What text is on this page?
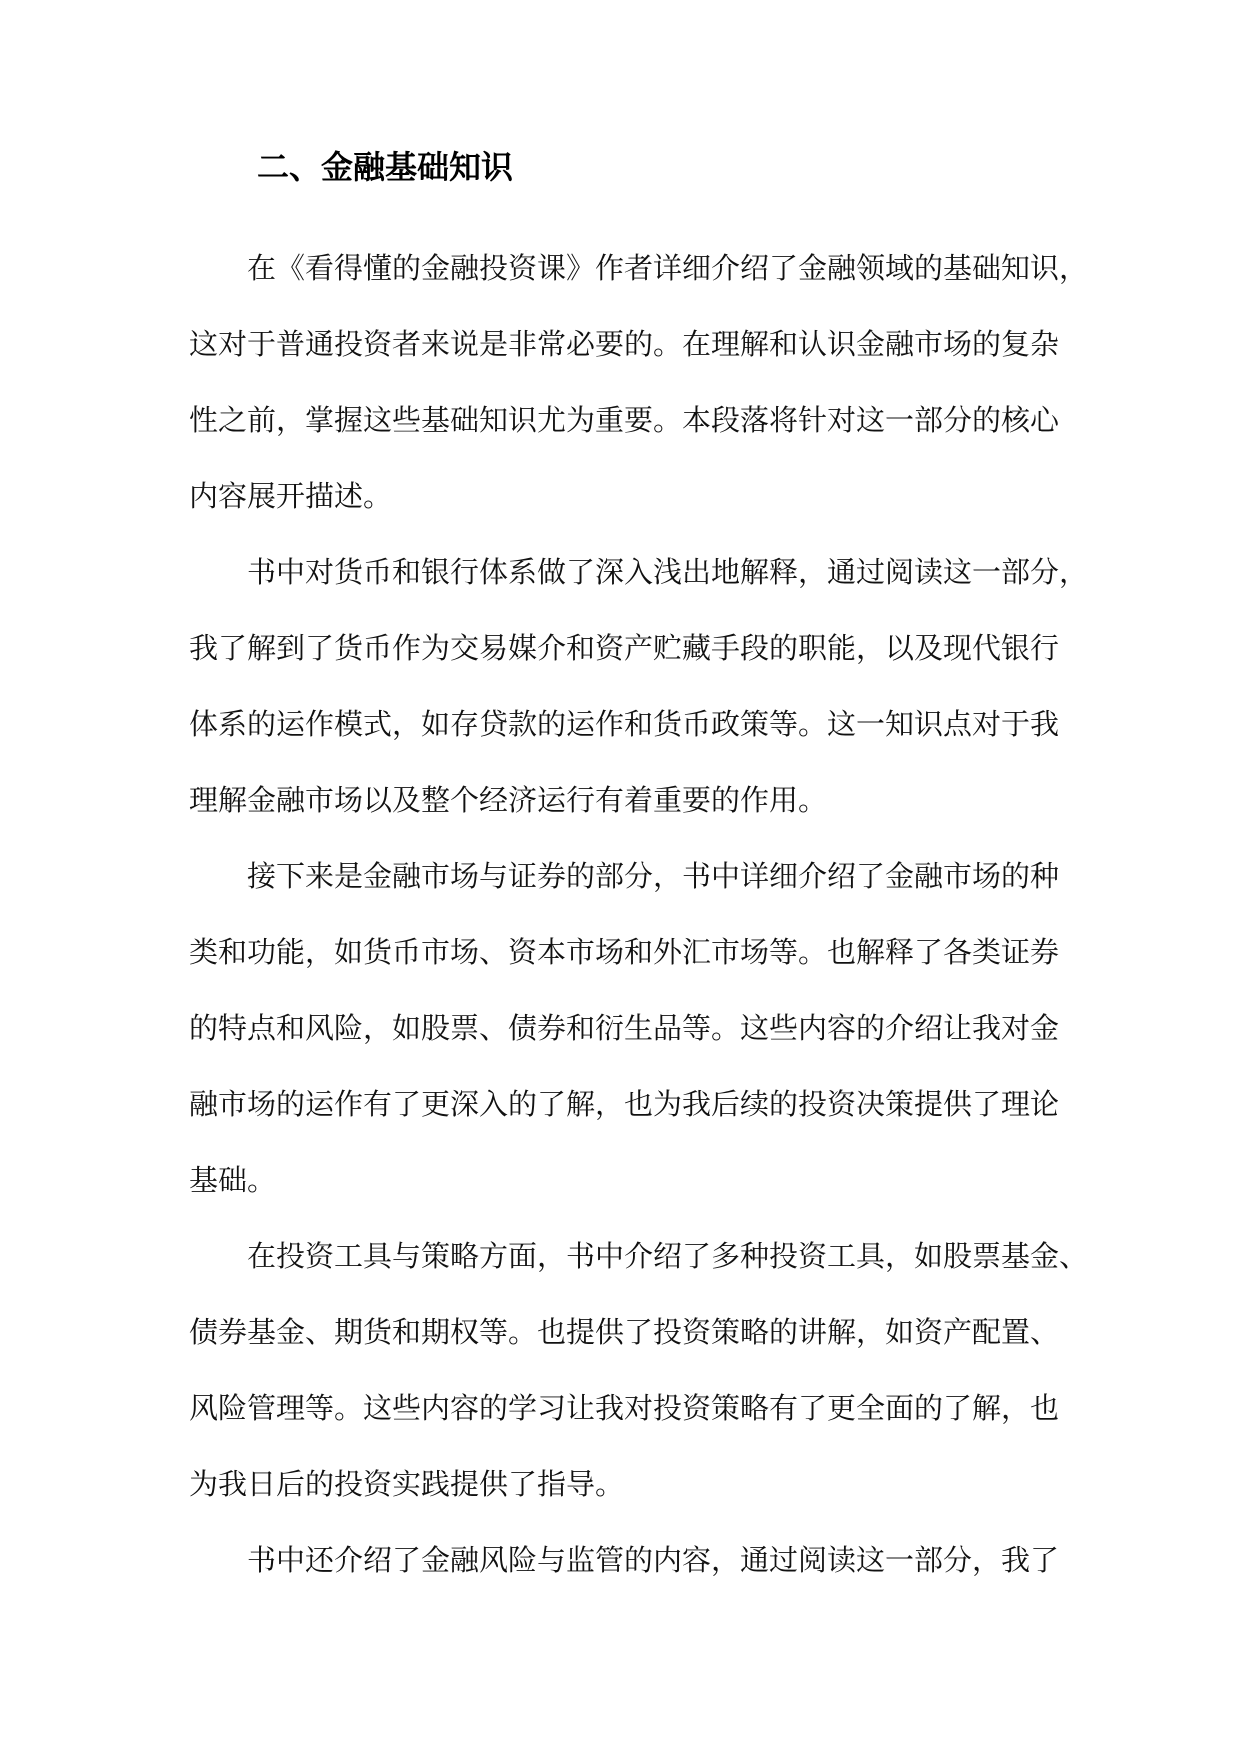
二、金融基础知识

在《看得懂的金融投资课》作者详细介绍了金融领域的基础知识，
这对于普通投资者来说是非常必要的。在理解和认识金融市场的复杂
性之前，掌握这些基础知识尤为重要。本段落将针对这一部分的核心
内容展开描述。

书中对货币和银行体系做了深入浅出地解释，通过阅读这一部分，
我了解到了货币作为交易媒介和资产贮藏手段的职能，以及现代银行
体系的运作模式，如存贷款的运作和货币政策等。这一知识点对于我
理解金融市场以及整个经济运行有着重要的作用。

接下来是金融市场与证券的部分，书中详细介绍了金融市场的种
类和功能，如货币市场、资本市场和外汇市场等。也解释了各类证券
的特点和风险，如股票、债券和衍生品等。这些内容的介绍让我对金
融市场的运作有了更深入的了解，也为我后续的投资决策提供了理论
基础。

在投资工具与策略方面，书中介绍了多种投资工具，如股票基金、
债券基金、期货和期权等。也提供了投资策略的讲解，如资产配置、
风险管理等。这些内容的学习让我对投资策略有了更全面的了解，也
为我日后的投资实践提供了指导。

书中还介绍了金融风险与监管的内容，通过阅读这一部分，我了
